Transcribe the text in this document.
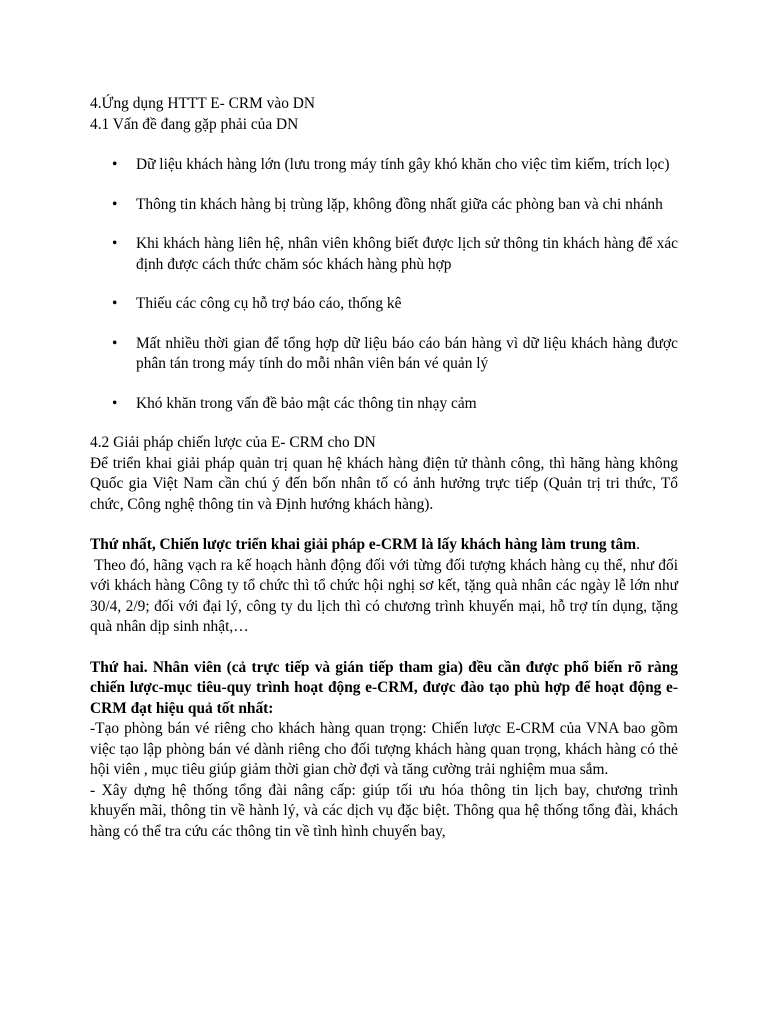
4.Ứng dụng HTTT E- CRM vào DN
4.1 Vấn đề đang gặp phải của DN
• Dữ liệu khách hàng lớn (lưu trong máy tính gây khó khăn cho việc tìm kiếm, trích lọc)
• Thông tin khách hàng bị trùng lặp, không đồng nhất giữa các phòng ban và chi nhánh
• Khi khách hàng liên hệ, nhân viên không biết được lịch sử thông tin khách hàng để xác định được cách thức chăm sóc khách hàng phù hợp
• Thiếu các công cụ hỗ trợ báo cáo, thống kê
• Mất nhiều thời gian để tổng hợp dữ liệu báo cáo bán hàng vì dữ liệu khách hàng được phân tán trong máy tính do mỗi nhân viên bán vé quản lý
• Khó khăn trong vấn đề bảo mật các thông tin nhạy cảm
4.2 Giải pháp chiến lược của E- CRM cho DN

Để triển khai giải pháp quản trị quan hệ khách hàng điện tử thành công, thì hãng hàng không Quốc gia Việt Nam cần chú ý đến bốn nhân tố có ảnh hưởng trực tiếp (Quản trị tri thức, Tổ chức, Công nghệ thông tin và Định hướng khách hàng).

Thứ nhất, Chiến lược triển khai giải pháp e-CRM là lấy khách hàng làm trung tâm.

Theo đó, hãng vạch ra kế hoạch hành động đối với từng đối tượng khách hàng cụ thể, như đối với khách hàng Công ty tổ chức thì tổ chức hội nghị sơ kết, tặng quà nhân các ngày lễ lớn như 30/4, 2/9; đối với đại lý, công ty du lịch thì có chương trình khuyến mại, hỗ trợ tín dụng, tặng quà nhân dịp sinh nhật,…

Thứ hai. Nhân viên (cả trực tiếp và gián tiếp tham gia) đều cần được phổ biến rõ ràng chiến lược-mục tiêu-quy trình hoạt động e-CRM, được đào tạo phù hợp để hoạt động e-CRM đạt hiệu quả tốt nhất:

-Tạo phòng bán vé riêng cho khách hàng quan trọng: Chiến lược E-CRM của VNA bao gồm việc tạo lập phòng bán vé dành riêng cho đối tượng khách hàng quan trọng, khách hàng có thẻ hội viên , mục tiêu giúp giảm thời gian chờ đợi và tăng cường trải nghiệm mua sắm.

- Xây dựng hệ thống tổng đài nâng cấp: giúp tối ưu hóa thông tin lịch bay, chương trình khuyến mãi, thông tin về hành lý, và các dịch vụ đặc biệt. Thông qua hệ thống tổng đài, khách hàng có thể tra cứu các thông tin về tình hình chuyến bay,
